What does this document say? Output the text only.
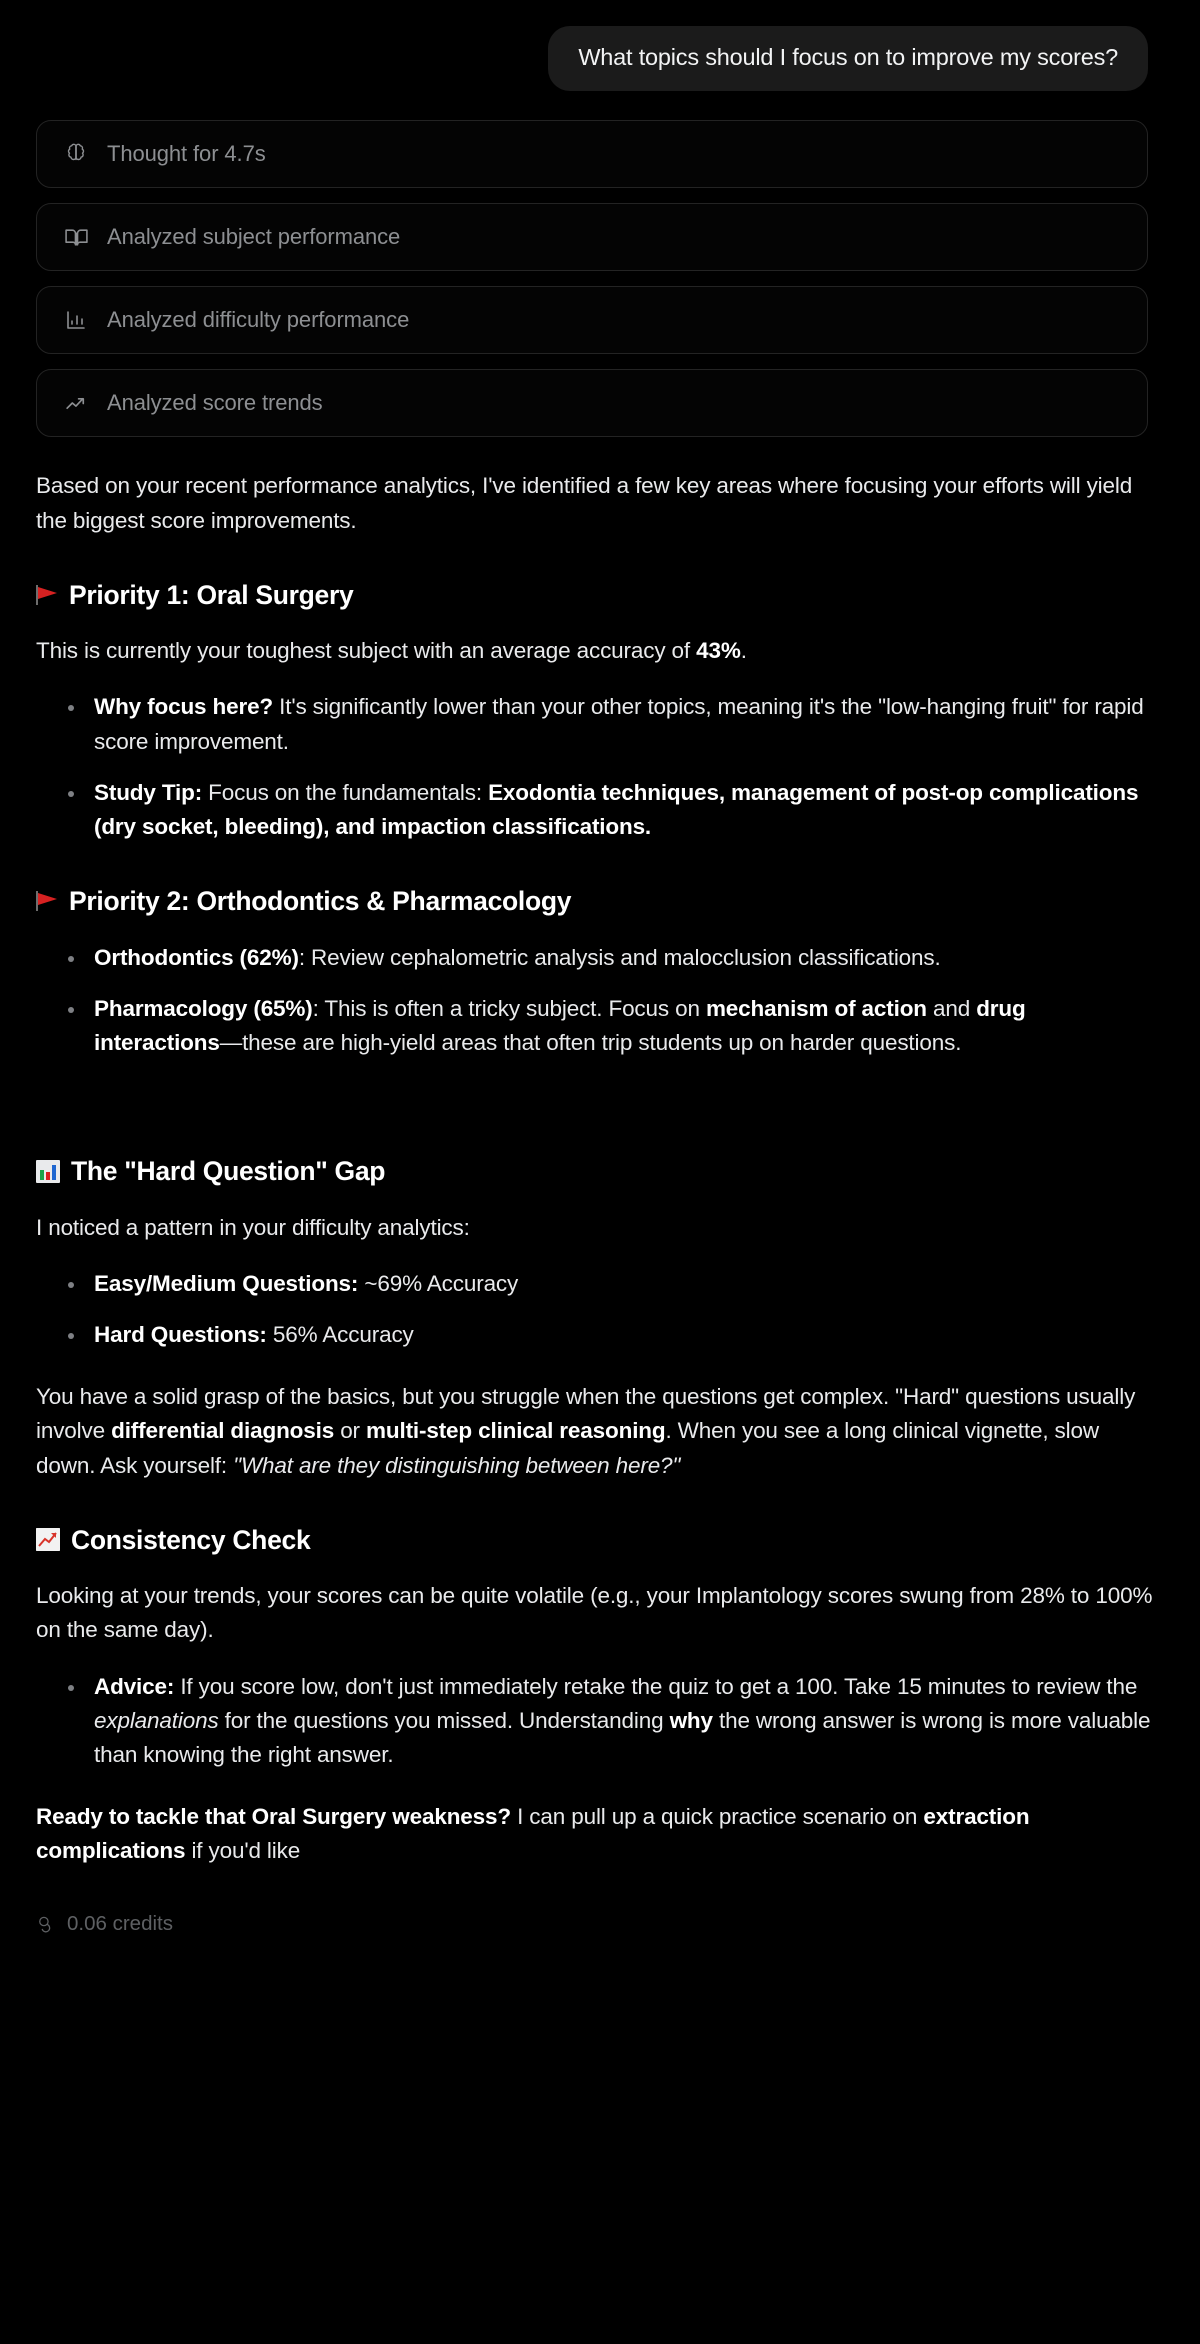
What topics should I focus on to improve my scores?
Thought for 4.7s
Analyzed subject performance
Analyzed difficulty performance
Analyzed score trends

Based on your recent performance analytics, I've identified a few key areas where focusing your efforts will yield the biggest score improvements.

Priority 1: Oral Surgery

This is currently your toughest subject with an average accuracy of 43%.

Why focus here? It's significantly lower than your other topics, meaning it's the "low-hanging fruit" for rapid score improvement.
Study Tip: Focus on the fundamentals: Exodontia techniques, management of post-op complications (dry socket, bleeding), and impaction classifications.
Priority 2: Orthodontics & Pharmacology
Orthodontics (62%): Review cephalometric analysis and malocclusion classifications.
Pharmacology (65%): This is often a tricky subject. Focus on mechanism of action and drug interactions—these are high-yield areas that often trip students up on harder questions.
The "Hard Question" Gap

I noticed a pattern in your difficulty analytics:

Easy/Medium Questions: ~69% Accuracy
Hard Questions: 56% Accuracy

You have a solid grasp of the basics, but you struggle when the questions get complex. "Hard" questions usually involve differential diagnosis or multi-step clinical reasoning. When you see a long clinical vignette, slow down. Ask yourself: "What are they distinguishing between here?"

Consistency Check

Looking at your trends, your scores can be quite volatile (e.g., your Implantology scores swung from 28% to 100% on the same day).

Advice: If you score low, don't just immediately retake the quiz to get a 100. Take 15 minutes to review the explanations for the questions you missed. Understanding why the wrong answer is wrong is more valuable than knowing the right answer.

Ready to tackle that Oral Surgery weakness? I can pull up a quick practice scenario on extraction complications if you'd like

0.06 credits
